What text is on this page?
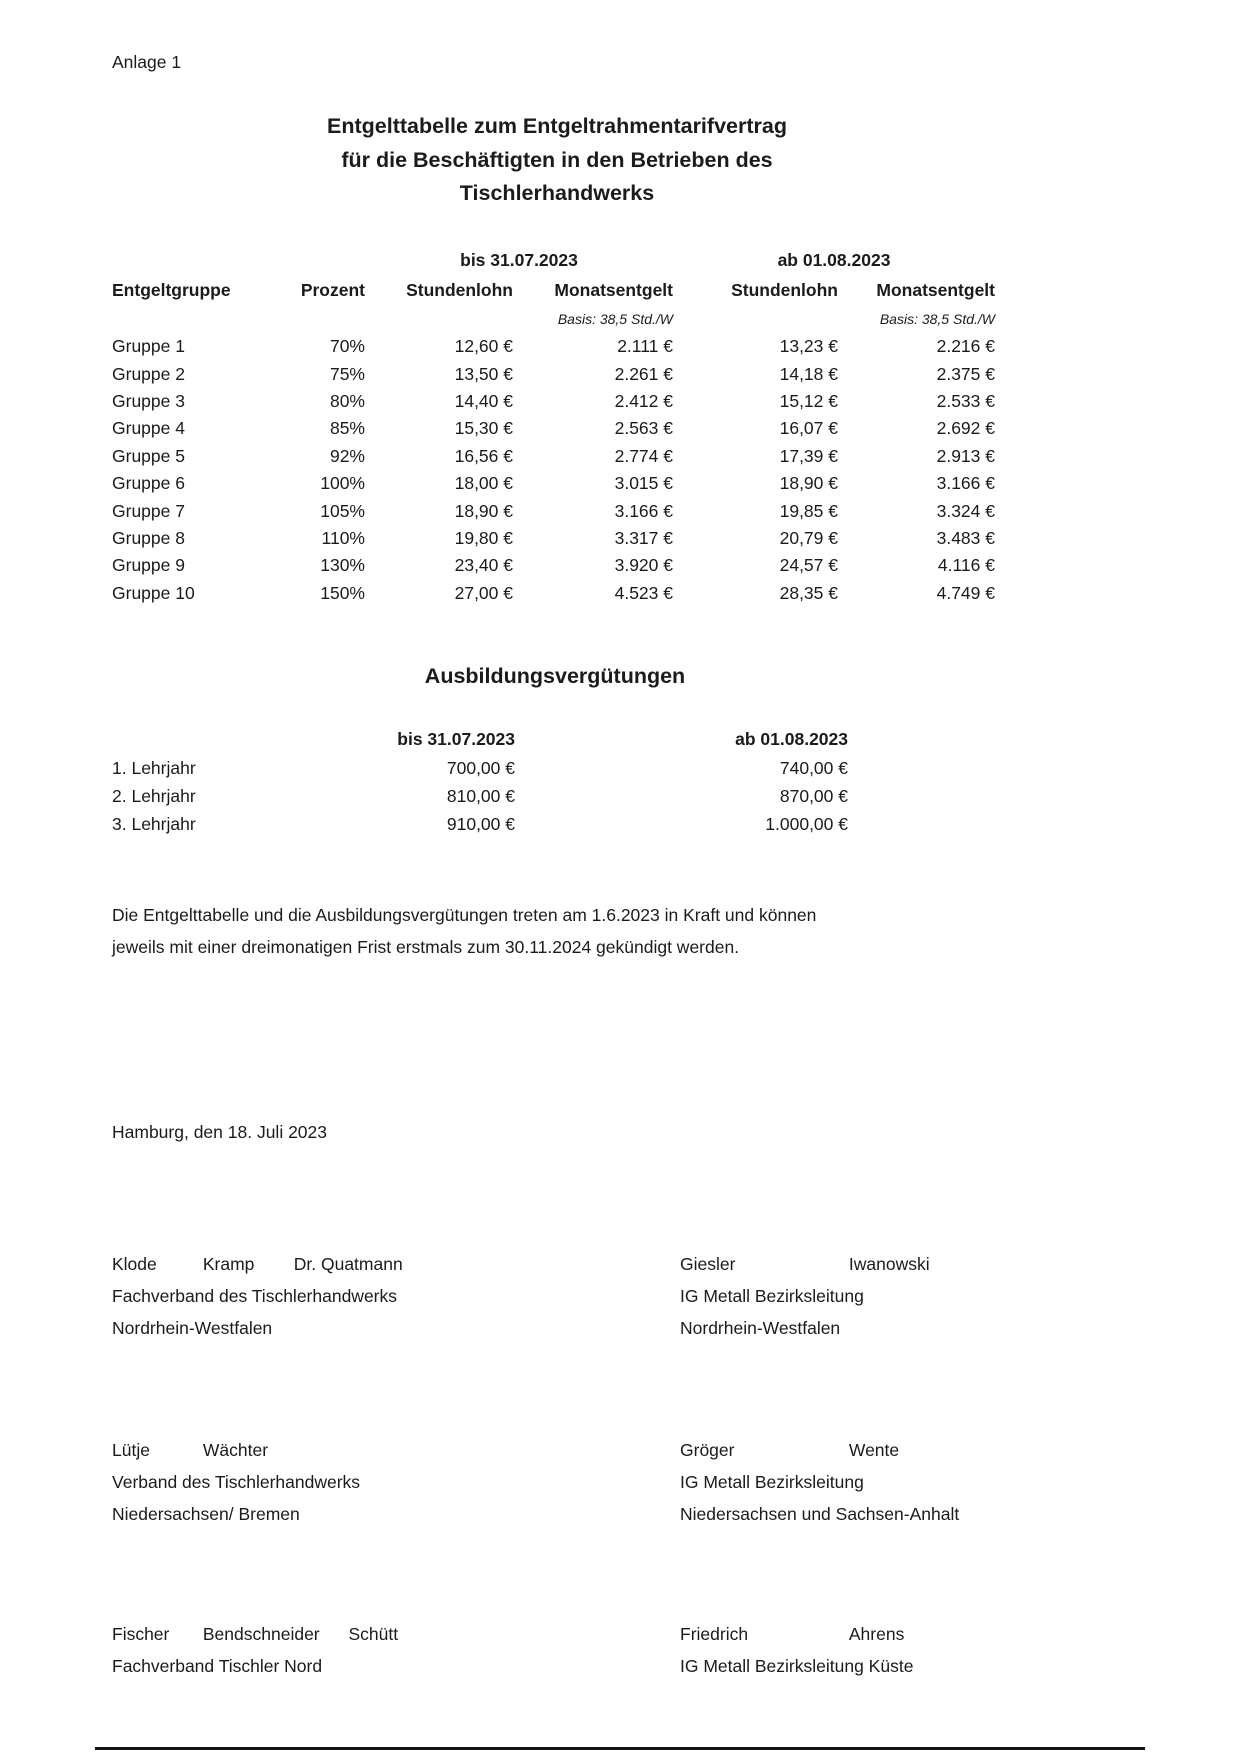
Anlage 1
Entgelttabelle zum Entgeltrahmentarifvertrag
für die Beschäftigten in den Betrieben des
Tischlerhandwerks
bis 31.07.2023	ab 01.08.2023
Entgeltgruppe	Prozent	Stundenlohn	Monatsentgelt	Stundenlohn	Monatsentgelt
Basis: 38,5 Std./W	Basis: 38,5 Std./W
Gruppe 1	70%	12,60 €	2.111 €	13,23 €	2.216 €
Gruppe 2	75%	13,50 €	2.261 €	14,18 €	2.375 €
Gruppe 3	80%	14,40 €	2.412 €	15,12 €	2.533 €
Gruppe 4	85%	15,30 €	2.563 €	16,07 €	2.692 €
Gruppe 5	92%	16,56 €	2.774 €	17,39 €	2.913 €
Gruppe 6	100%	18,00 €	3.015 €	18,90 €	3.166 €
Gruppe 7	105%	18,90 €	3.166 €	19,85 €	3.324 €
Gruppe 8	110%	19,80 €	3.317 €	20,79 €	3.483 €
Gruppe 9	130%	23,40 €	3.920 €	24,57 €	4.116 €
Gruppe 10	150%	27,00 €	4.523 €	28,35 €	4.749 €
Ausbildungsvergütungen
bis 31.07.2023	ab 01.08.2023
1. Lehrjahr	700,00 €	740,00 €
2. Lehrjahr	810,00 €	870,00 €
3. Lehrjahr	910,00 €	1.000,00 €
Die Entgelttabelle und die Ausbildungsvergütungen treten am 1.6.2023 in Kraft und können
jeweils mit einer dreimonatigen Frist erstmals zum 30.11.2024 gekündigt werden.
Hamburg, den 18. Juli 2023
Klode	Kramp Dr. Quatmann
Fachverband des Tischlerhandwerks
Nordrhein-Westfalen
Giesler	Iwanowski
IG Metall Bezirksleitung
Nordrhein-Westfalen
Lütje	Wächter
Verband des Tischlerhandwerks
Niedersachsen/ Bremen
Gröger	Wente
IG Metall Bezirksleitung
Niedersachsen und Sachsen-Anhalt
Fischer Bendschneider Schütt
Fachverband Tischler Nord
Friedrich	Ahrens
IG Metall Bezirksleitung Küste
